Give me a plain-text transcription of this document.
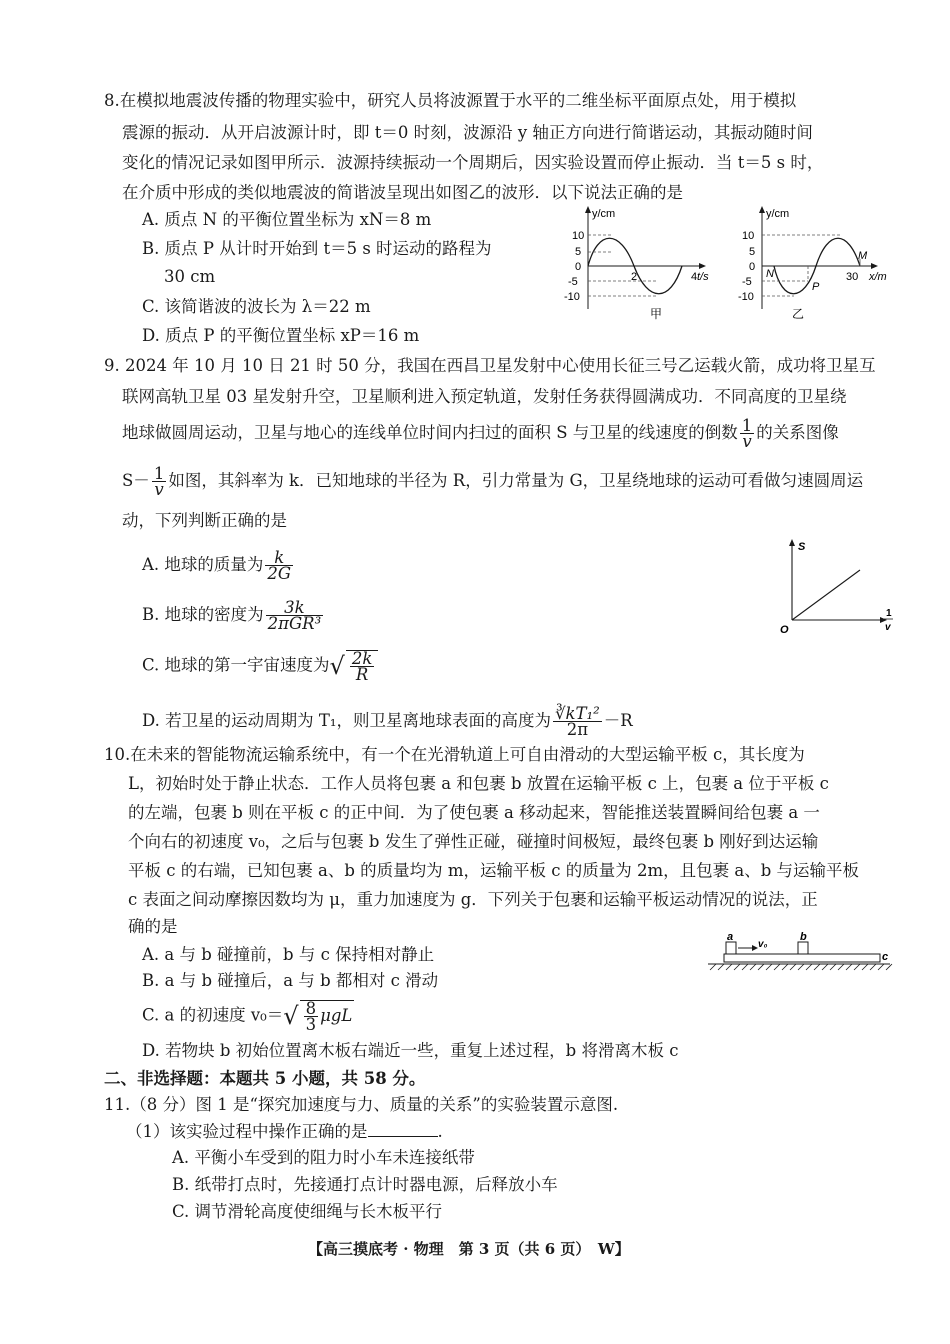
8.在模拟地震波传播的物理实验中，研究人员将波源置于水平的二维坐标平面原点处，用于模拟
震源的振动．从开启波源计时，即 t＝0 时刻，波源沿 y 轴正方向进行简谐运动，其振动随时间
变化的情况记录如图甲所示．波源持续振动一个周期后，因实验设置而停止振动．当 t＝5 s 时，
在介质中形成的类似地震波的简谐波呈现出如图乙的波形．以下说法正确的是
A. 质点 N 的平衡位置坐标为 xN＝8 m
B. 质点 P 从计时开始到 t＝5 s 时运动的路程为
30 cm
C. 该简谐波的波长为 λ＝22 m
D. 质点 P 的平衡位置坐标 xP＝16 m
y/cm
10
5
0
-5
-10
2	4 t/s
甲
y/cm
10
5
0
-5
-10
N
P
M
30 x/m
乙
9. 2024 年 10 月 10 日 21 时 50 分，我国在西昌卫星发射中心使用长征三号乙运载火箭，成功将卫星互
联网高轨卫星 03 星发射升空，卫星顺利进入预定轨道，发射任务获得圆满成功．不同高度的卫星绕
地球做圆周运动，卫星与地心的连线单位时间内扫过的面积 S 与卫星的线速度的倒数 $\frac{1}{v}$ 的关系图像
$S- \frac{1}{v}$ 如图，其斜率为 k．已知地球的半径为 R，引力常量为 G，卫星绕地球的运动可看做匀速圆周运
动，下列判断正确的是
A. 地球的质量为 $\frac{k}{2G}$
B. 地球的密度为 $\frac{3k}{\text{2πGR³}}$
C. 地球的第一宇宙速度为√ $\frac{2k}{R}$
D. 若卫星的运动周期为 T₁，则卫星离地球表面的高度为 $\frac{\text{∛kT₁²}}{2\pi} -R$
S
O
1
v
10.在未来的智能物流运输系统中，有一个在光滑轨道上可自由滑动的大型运输平板 c，其长度为
L，初始时处于静止状态．工作人员将包裹 a 和包裹 b 放置在运输平板 c 上，包裹 a 位于平板 c
的左端，包裹 b 则在平板 c 的正中间．为了使包裹 a 移动起来，智能推送装置瞬间给包裹 a 一
个向右的初速度 v₀，之后与包裹 b 发生了弹性正碰，碰撞时间极短，最终包裹 b 刚好到达运输
平板 c 的右端，已知包裹 a、b 的质量均为 m，运输平板 c 的质量为 2m，且包裹 a、b 与运输平板
c 表面之间动摩擦因数均为 μ，重力加速度为 g．下列关于包裹和运输平板运动情况的说法，正
确的是
A. a 与 b 碰撞前，b 与 c 保持相对静止
B. a 与 b 碰撞后，a 与 b 都相对 c 滑动
C. a 的初速度 $v_0=√ \frac{8}{3}$ μgL
D. 若物块 b 初始位置离木板右端近一些，重复上述过程，b 将滑离木板 c
a
v₀
b
c
二、非选择题：本题共 5 小题，共 58 分。
11.（8 分）图 1 是“探究加速度与力、质量的关系”的实验装置示意图.
（1）该实验过程中操作正确的是	.
A. 平衡小车受到的阻力时小车未连接纸带
B. 纸带打点时，先接通打点计时器电源，后释放小车
C. 调节滑轮高度使细绳与长木板平行
【高三摸底考 · 物理　第 3 页（共 6 页）　W】
